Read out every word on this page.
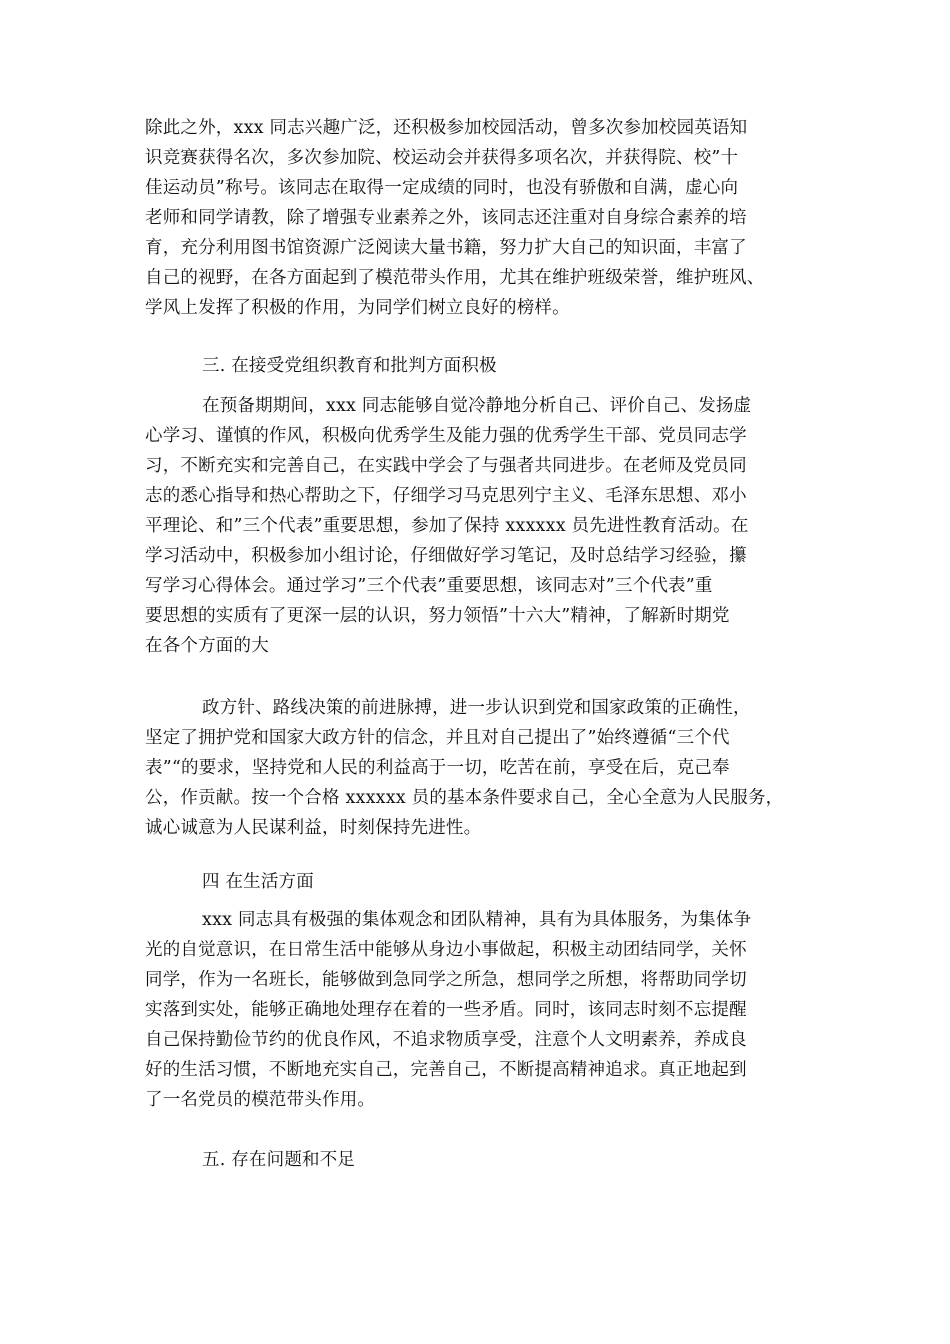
除此之外，xxx 同志兴趣广泛，还积极参加校园活动，曾多次参加校园英语知
识竞赛获得名次，多次参加院、校运动会并获得多项名次，并获得院、校”十
佳运动员”称号。该同志在取得一定成绩的同时，也没有骄傲和自满，虚心向
老师和同学请教，除了增强专业素养之外，该同志还注重对自身综合素养的培
育，充分利用图书馆资源广泛阅读大量书籍，努力扩大自己的知识面，丰富了
自己的视野，在各方面起到了模范带头作用，尤其在维护班级荣誉，维护班风、
学风上发挥了积极的作用，为同学们树立良好的榜样。
三. 在接受党组织教育和批判方面积极
在预备期期间，xxx 同志能够自觉冷静地分析自己、评价自己、发扬虚
心学习、谨慎的作风，积极向优秀学生及能力强的优秀学生干部、党员同志学
习，不断充实和完善自己，在实践中学会了与强者共同进步。在老师及党员同
志的悉心指导和热心帮助之下，仔细学习马克思列宁主义、毛泽东思想、邓小
平理论、和”三个代表”重要思想，参加了保持 xxxxxx 员先进性教育活动。在
学习活动中，积极参加小组讨论，仔细做好学习笔记，及时总结学习经验，攥
写学习心得体会。通过学习”三个代表”重要思想，该同志对”三个代表”重
要思想的实质有了更深一层的认识，努力领悟”十六大”精神，了解新时期党
在各个方面的大
政方针、路线决策的前进脉搏，进一步认识到党和国家政策的正确性，
坚定了拥护党和国家大政方针的信念，并且对自己提出了”始终遵循“三个代
表”“的要求，坚持党和人民的利益高于一切，吃苦在前，享受在后，克己奉
公，作贡献。按一个合格 xxxxxx 员的基本条件要求自己，全心全意为人民服务，
诚心诚意为人民谋利益，时刻保持先进性。
四 在生活方面
xxx 同志具有极强的集体观念和团队精神，具有为具体服务，为集体争
光的自觉意识，在日常生活中能够从身边小事做起，积极主动团结同学，关怀
同学，作为一名班长，能够做到急同学之所急，想同学之所想，将帮助同学切
实落到实处，能够正确地处理存在着的一些矛盾。同时，该同志时刻不忘提醒
自己保持勤俭节约的优良作风，不追求物质享受，注意个人文明素养，养成良
好的生活习惯，不断地充实自己，完善自己，不断提高精神追求。真正地起到
了一名党员的模范带头作用。
五. 存在问题和不足
